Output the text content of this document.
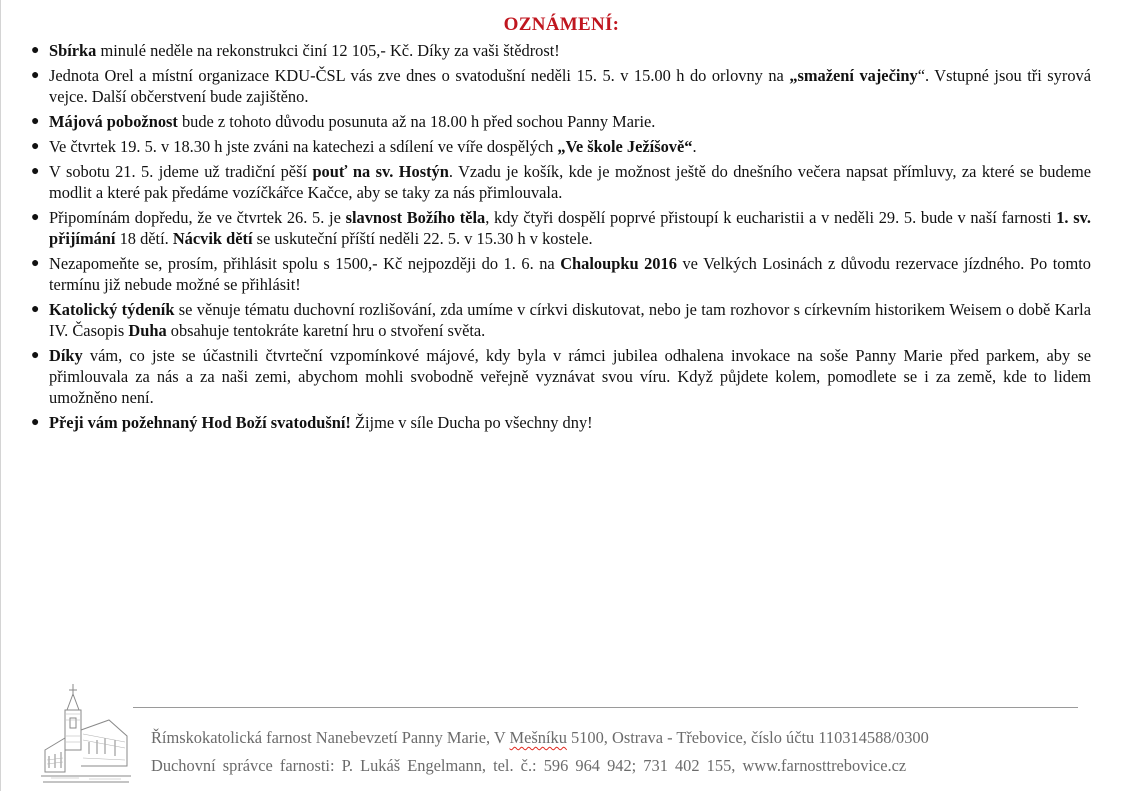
OZNÁMENÍ:
● Sbírka minulé neděle na rekonstrukci činí 12 105,- Kč. Díky za vaši štědrost!
● Jednota Orel a místní organizace KDU-ČSL vás zve dnes o svatodušní neděli 15. 5. v 15.00 h do orlovny na „smažení vaječiny“. Vstupné jsou tři syrová vejce. Další občerstvení bude zajištěno.
● Májová pobožnost bude z tohoto důvodu posunuta až na 18.00 h před sochou Panny Marie.
● Ve čtvrtek 19. 5. v 18.30 h jste zváni na katechezi a sdílení ve víře dospělých „Ve škole Ježíšově“.
● V sobotu 21. 5. jdeme už tradiční pěší pouť na sv. Hostýn. Vzadu je košík, kde je možnost ještě do dnešního večera napsat přímluvy, za které se budeme modlit a které pak předáme vozíčkářce Kačce, aby se taky za nás přimlouvala.
● Připomínám dopředu, že ve čtvrtek 26. 5. je slavnost Božího těla, kdy čtyři dospělí poprvé přistoupí k eucharistii a v neděli 29. 5. bude v naší farnosti 1. sv. přijímání 18 dětí. Nácvik dětí se uskuteční příští neděli 22. 5. v 15.30 h v kostele.
● Nezapomeňte se, prosím, přihlásit spolu s 1500,- Kč nejpozději do 1. 6. na Chaloupku 2016 ve Velkých Losinách z důvodu rezervace jízdného. Po tomto termínu již nebude možné se přihlásit!
● Katolický týdeník se věnuje tématu duchovní rozlišování, zda umíme v církvi diskutovat, nebo je tam rozhovor s církevním historikem Weisem o době Karla IV. Časopis Duha obsahuje tentokráte karetní hru o stvoření světa.
● Díky vám, co jste se účastnili čtvrteční vzpomínkové májové, kdy byla v rámci jubilea odhalena invokace na soše Panny Marie před parkem, aby se přimlouvala za nás a za naši zemi, abychom mohli svobodně veřejně vyznávat svou víru. Když půjdete kolem, pomodlete se i za země, kde to lidem umožněno není.
● Přeji vám požehnaný Hod Boží svatodušní! Žijme v síle Ducha po všechny dny!
Římskokatolická farnost Nanebevzetí Panny Marie, V Mešníku 5100, Ostrava - Třebovice, číslo účtu 110314588/0300
Duchovní správce farnosti: P. Lukáš Engelmann, tel. č.: 596 964 942; 731 402 155, www.farnosttrebovice.cz
